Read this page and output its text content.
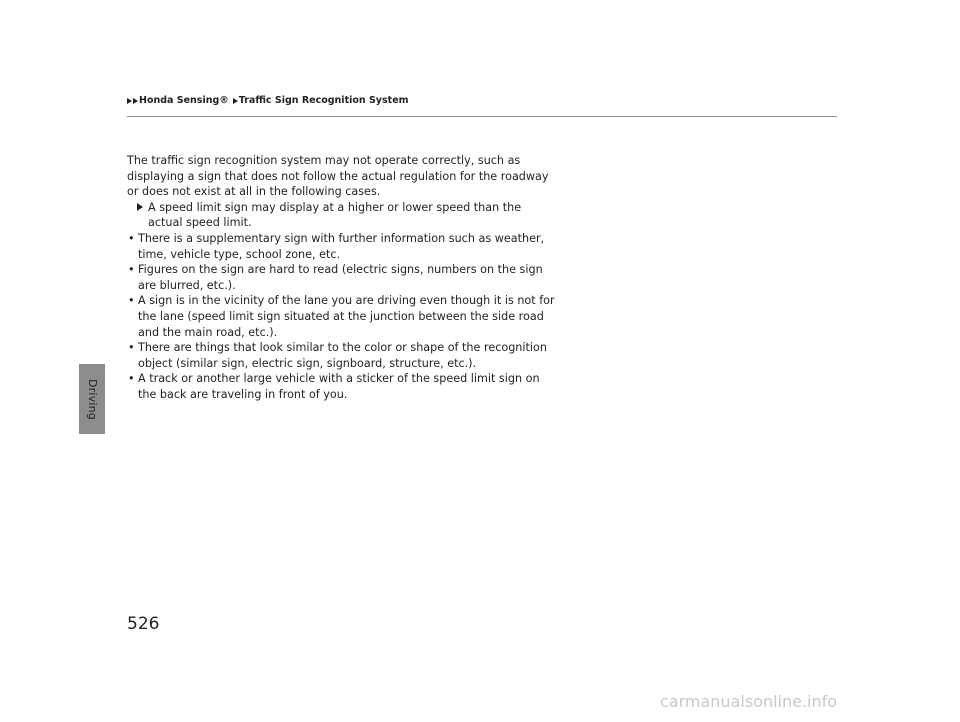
Driving
Honda Sensing® Traffic Sign Recognition System

The traffic sign recognition system may not operate correctly, such as displaying a sign that does not follow the actual regulation for the roadway or does not exist at all in the following cases.

A speed limit sign may display at a higher or lower speed than the actual speed limit.

• There is a supplementary sign with further information such as weather, time, vehicle type, school zone, etc.
• Figures on the sign are hard to read (electric signs, numbers on the sign are blurred, etc.).
• A sign is in the vicinity of the lane you are driving even though it is not for the lane (speed limit sign situated at the junction between the side road and the main road, etc.).
• There are things that look similar to the color or shape of the recognition object (similar sign, electric sign, signboard, structure, etc.).
• A track or another large vehicle with a sticker of the speed limit sign on the back are traveling in front of you.
526
carmanualsonline.info
